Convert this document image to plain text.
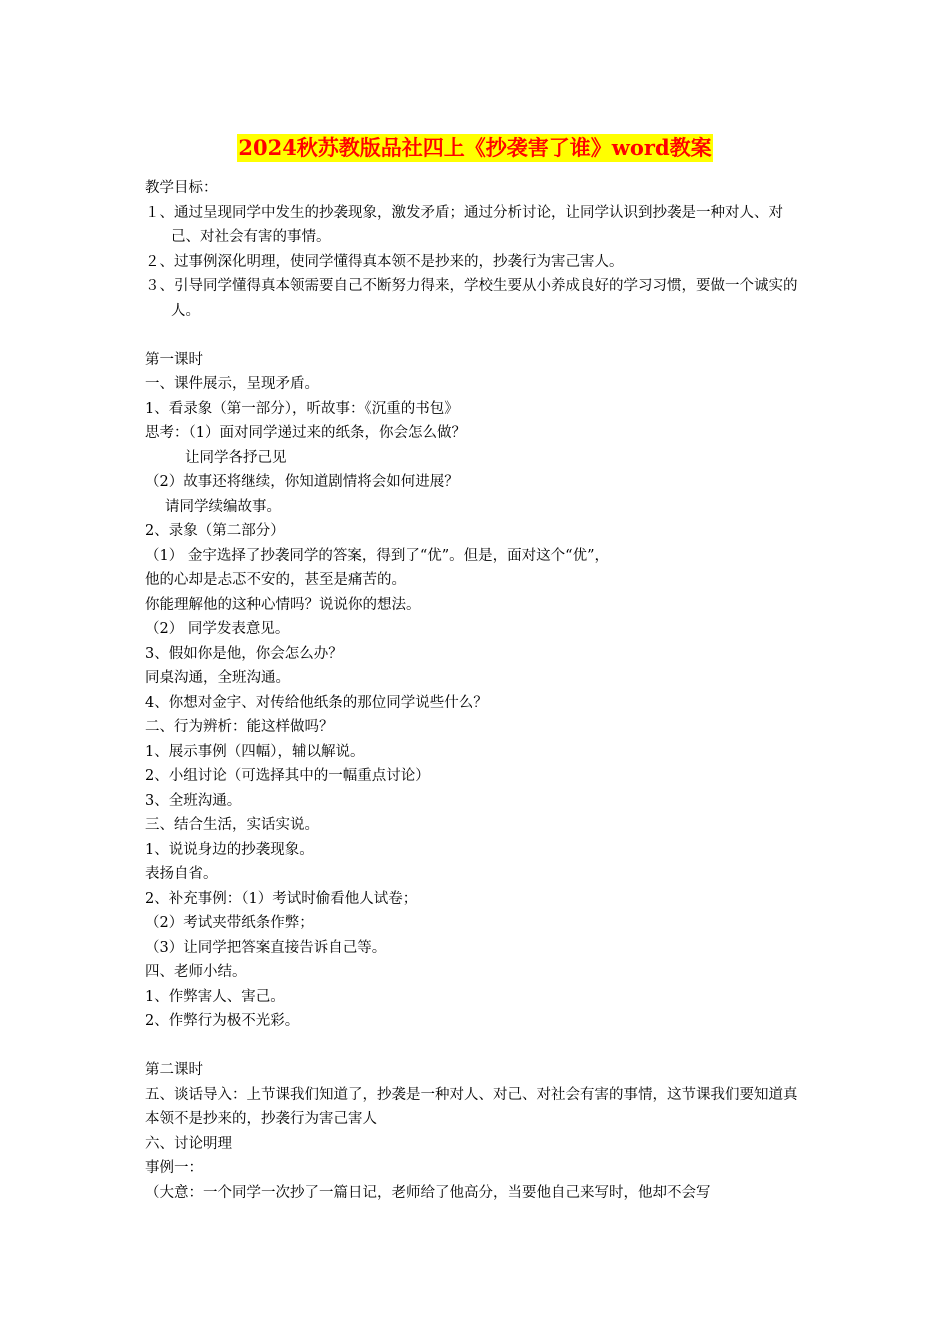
2024秋苏教版品社四上《抄袭害了谁》word教案
教学目标：
１、通过呈现同学中发生的抄袭现象，激发矛盾；通过分析讨论，让同学认识到抄袭是一种对人、对己、对社会有害的事情。
２、过事例深化明理，使同学懂得真本领不是抄来的，抄袭行为害己害人。
３、引导同学懂得真本领需要自己不断努力得来，学校生要从小养成良好的学习习惯，要做一个诚实的人。
第一课时
一、课件展示，呈现矛盾。
1、看录象（第一部分），听故事：《沉重的书包》
思考：（1）面对同学递过来的纸条，你会怎么做？
让同学各抒己见
（2）故事还将继续，你知道剧情将会如何进展？
请同学续编故事。
2、录象（第二部分）
（1） 金宇选择了抄袭同学的答案，得到了“优”。但是，面对这个“优”，
他的心却是忐忑不安的，甚至是痛苦的。
你能理解他的这种心情吗？说说你的想法。
（2） 同学发表意见。
3、假如你是他，你会怎么办？
同桌沟通，全班沟通。
4、你想对金宇、对传给他纸条的那位同学说些什么？
二、行为辨析：能这样做吗？
1、展示事例（四幅），辅以解说。
2、小组讨论（可选择其中的一幅重点讨论）
3、全班沟通。
三、结合生活，实话实说。
1、说说身边的抄袭现象。
表扬自省。
2、补充事例：（1）考试时偷看他人试卷；
（2）考试夹带纸条作弊；
（3）让同学把答案直接告诉自己等。
四、老师小结。
1、作弊害人、害己。
2、作弊行为极不光彩。
第二课时
五、谈话导入：上节课我们知道了，抄袭是一种对人、对己、对社会有害的事情，这节课我们要知道真本领不是抄来的，抄袭行为害己害人
六、讨论明理
事例一：
（大意：一个同学一次抄了一篇日记，老师给了他高分，当要他自己来写时，他却不会写
